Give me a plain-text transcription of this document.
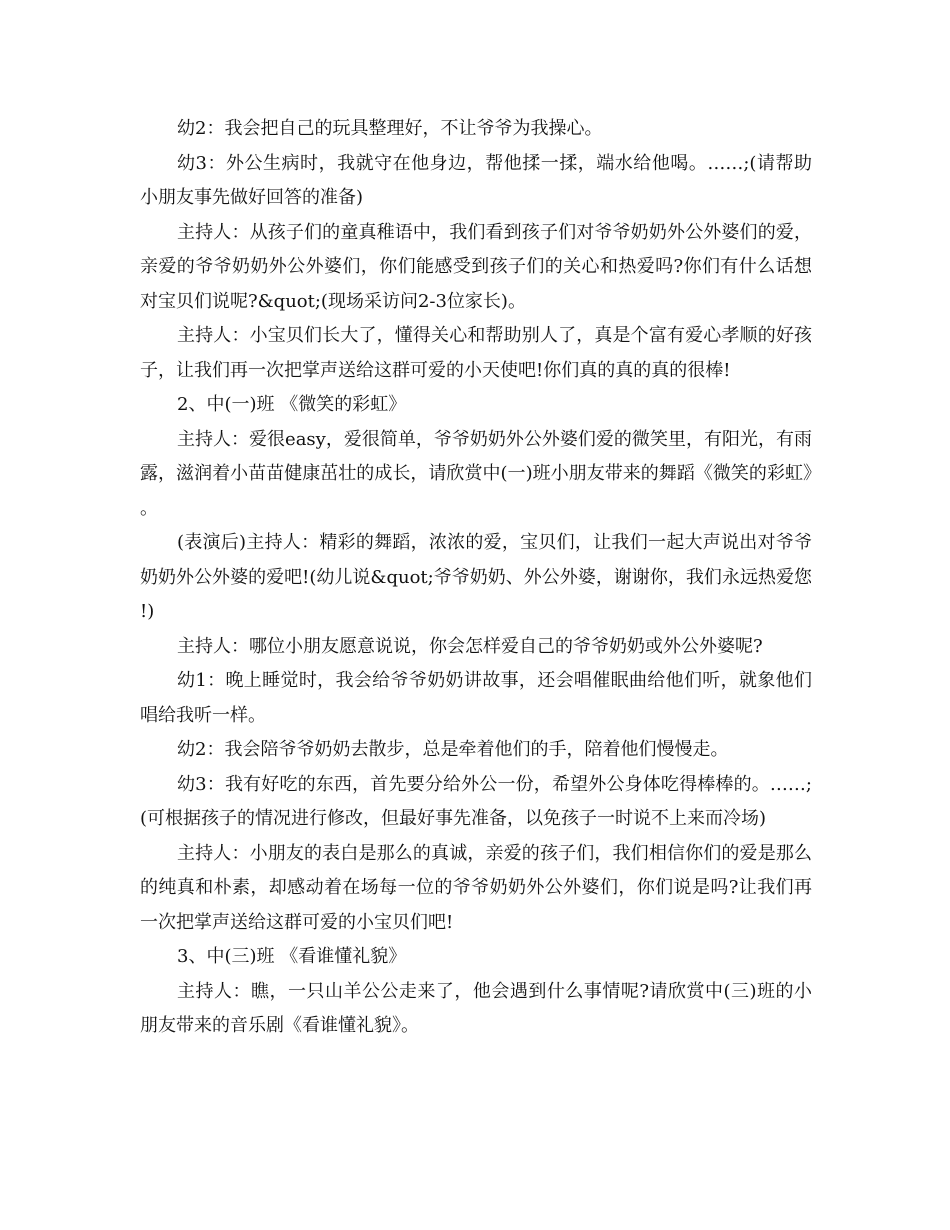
幼2：我会把自己的玩具整理好，不让爷爷为我操心。

幼3：外公生病时，我就守在他身边，帮他揉一揉，端水给他喝。……;(请帮助小朋友事先做好回答的准备)

主持人：从孩子们的童真稚语中，我们看到孩子们对爷爷奶奶外公外婆们的爱，亲爱的爷爷奶奶外公外婆们，你们能感受到孩子们的关心和热爱吗?你们有什么话想对宝贝们说呢?&quot;(现场采访问2-3位家长)。

主持人：小宝贝们长大了，懂得关心和帮助别人了，真是个富有爱心孝顺的好孩子，让我们再一次把掌声送给这群可爱的小天使吧!你们真的真的真的很棒!

2、中(一)班 《微笑的彩虹》

主持人：爱很easy，爱很简单，爷爷奶奶外公外婆们爱的微笑里，有阳光，有雨露，滋润着小苗苗健康茁壮的成长，请欣赏中(一)班小朋友带来的舞蹈《微笑的彩虹》。

(表演后)主持人：精彩的舞蹈，浓浓的爱，宝贝们，让我们一起大声说出对爷爷奶奶外公外婆的爱吧!(幼儿说&quot;爷爷奶奶、外公外婆，谢谢你，我们永远热爱您!)

主持人：哪位小朋友愿意说说，你会怎样爱自己的爷爷奶奶或外公外婆呢?

幼1：晚上睡觉时，我会给爷爷奶奶讲故事，还会唱催眠曲给他们听，就象他们唱给我听一样。

幼2：我会陪爷爷奶奶去散步，总是牵着他们的手，陪着他们慢慢走。

幼3：我有好吃的东西，首先要分给外公一份，希望外公身体吃得棒棒的。……;(可根据孩子的情况进行修改，但最好事先准备，以免孩子一时说不上来而冷场)

主持人：小朋友的表白是那么的真诚，亲爱的孩子们，我们相信你们的爱是那么的纯真和朴素，却感动着在场每一位的爷爷奶奶外公外婆们，你们说是吗?让我们再一次把掌声送给这群可爱的小宝贝们吧!

3、中(三)班 《看谁懂礼貌》

主持人：瞧，一只山羊公公走来了，他会遇到什么事情呢?请欣赏中(三)班的小朋友带来的音乐剧《看谁懂礼貌》。
